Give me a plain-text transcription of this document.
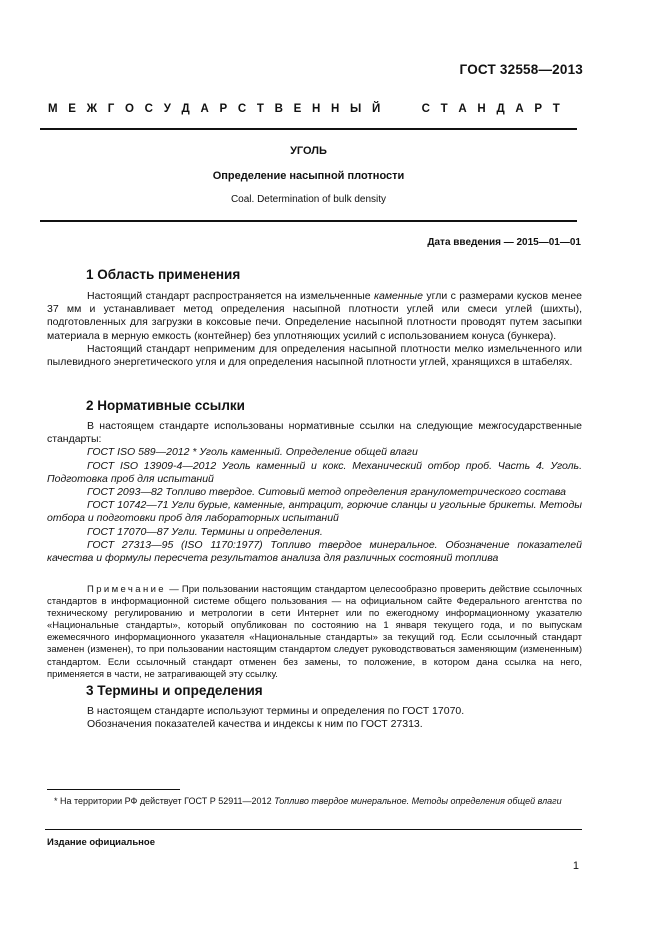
ГОСТ 32558—2013
М Е Ж Г О С У Д А Р С Т В Е Н Н Ы Й	С Т А Н Д А Р Т
УГОЛЬ
Определение насыпной плотности
Coal. Determination of bulk density
Дата введения — 2015—01—01
1 Область применения

Настоящий стандарт распространяется на измельченные каменные угли с размерами кусков менее 37 мм и устанавливает метод определения насыпной плотности углей или смеси углей (шихты), подготовленных для загрузки в коксовые печи. Определение насыпной плотности проводят путем засыпки материала в мерную емкость (контейнер) без уплотняющих усилий с использованием конуса (бункера).

Настоящий стандарт неприменим для определения насыпной плотности мелко измельченного или пылевидного энергетического угля и для определения насыпной плотности углей, хранящихся в штабелях.

2 Нормативные ссылки
В настоящем стандарте использованы нормативные ссылки на следующие межгосударственные стандарты:
ГОСТ ISO 589—2012 * Уголь каменный. Определение общей влаги
ГОСТ ISO 13909-4—2012 Уголь каменный и кокс. Механический отбор проб. Часть 4. Уголь. Подготовка проб для испытаний
ГОСТ 2093—82 Топливо твердое. Ситовый метод определения гранулометрического состава
ГОСТ 10742—71 Угли бурые, каменные, антрацит, горючие сланцы и угольные брикеты. Методы отбора и подготовки проб для лабораторных испытаний
ГОСТ 17070—87 Угли. Термины и определения.
ГОСТ 27313—95 (ISO 1170:1977) Топливо твердое минеральное. Обозначение показателей качества и формулы пересчета результатов анализа для различных состояний топлива
Примечание — При пользовании настоящим стандартом целесообразно проверить действие ссылочных стандартов в информационной системе общего пользования — на официальном сайте Федерального агентства по техническому регулированию и метрологии в сети Интернет или по ежегодному информационному указателю «Национальные стандарты», который опубликован по состоянию на 1 января текущего года, и по выпускам ежемесячного информационного указателя «Национальные стандарты» за текущий год. Если ссылочный стандарт заменен (изменен), то при пользовании настоящим стандартом следует руководствоваться заменяющим (измененным) стандартом. Если ссылочный стандарт отменен без замены, то положение, в котором дана ссылка на него, применяется в части, не затрагивающей эту ссылку.
3 Термины и определения

В настоящем стандарте используют термины и определения по ГОСТ 17070.

Обозначения показателей качества и индексы к ним по ГОСТ 27313.

* На территории РФ действует ГОСТ Р 52911—2012 Топливо твердое минеральное. Методы определения общей влаги
Издание официальное
1
